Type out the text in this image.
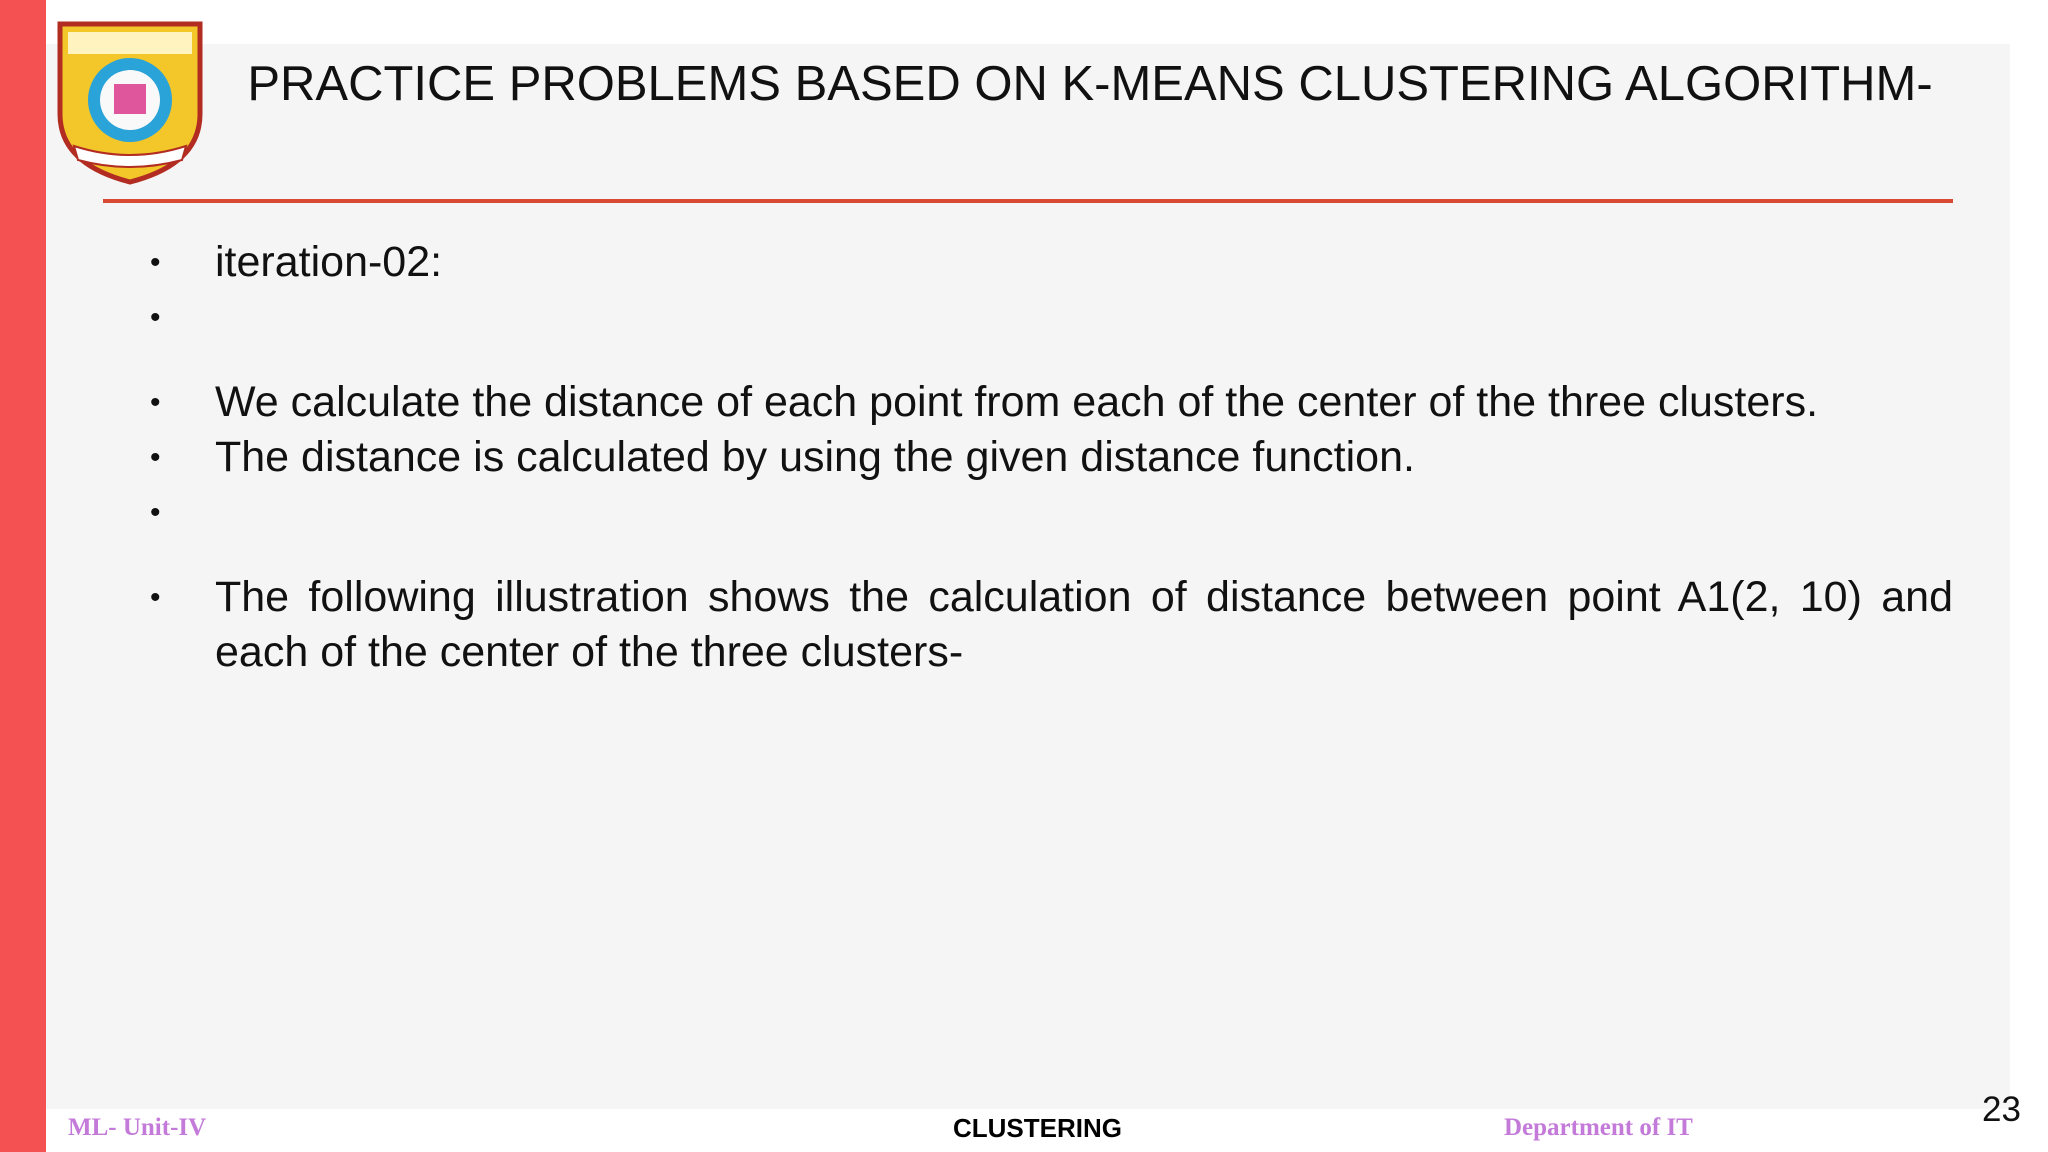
PRACTICE PROBLEMS BASED ON K-MEANS CLUSTERING ALGORITHM-
• iteration-02:
•
• We calculate the distance of each point from each of the center of the three clusters.
• The distance is calculated by using the given distance function.
•
• The following illustration shows the calculation of distance between point A1(2, 10) and each of the center of the three clusters-
ML- Unit-IV	CLUSTERING	Department of IT	23
